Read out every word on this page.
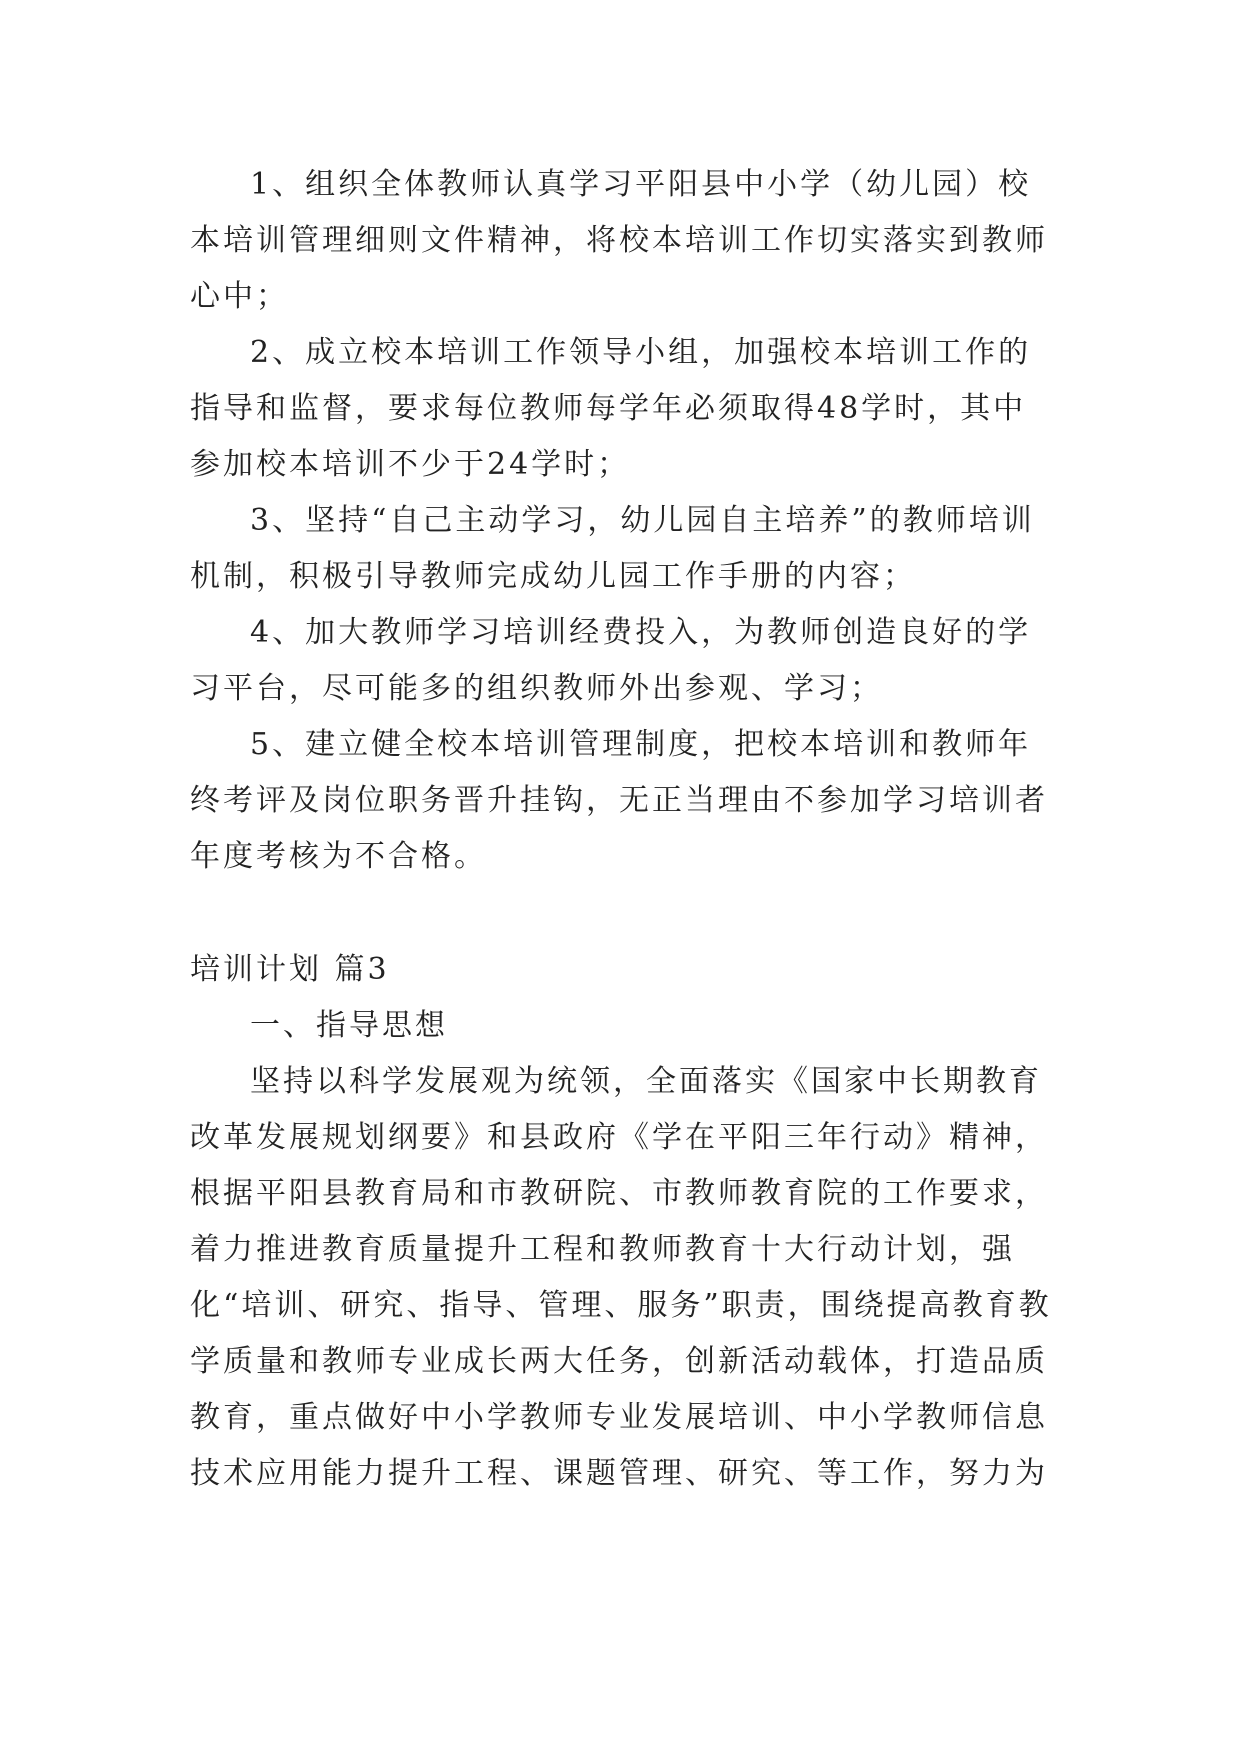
1、组织全体教师认真学习平阳县中小学（幼儿园）校本培训管理细则文件精神，将校本培训工作切实落实到教师心中；

2、成立校本培训工作领导小组，加强校本培训工作的指导和监督，要求每位教师每学年必须取得48学时，其中参加校本培训不少于24学时；

3、坚持“自己主动学习，幼儿园自主培养”的教师培训机制，积极引导教师完成幼儿园工作手册的内容；

4、加大教师学习培训经费投入，为教师创造良好的学习平台，尽可能多的组织教师外出参观、学习；

5、建立健全校本培训管理制度，把校本培训和教师年终考评及岗位职务晋升挂钩，无正当理由不参加学习培训者年度考核为不合格。

培训计划 篇3

一、指导思想

坚持以科学发展观为统领，全面落实《国家中长期教育改革发展规划纲要》和县政府《学在平阳三年行动》精神，根据平阳县教育局和市教研院、市教师教育院的工作要求，着力推进教育质量提升工程和教师教育十大行动计划，强化“培训、研究、指导、管理、服务”职责，围绕提高教育教学质量和教师专业成长两大任务，创新活动载体，打造品质教育，重点做好中小学教师专业发展培训、中小学教师信息技术应用能力提升工程、课题管理、研究、等工作，努力为
